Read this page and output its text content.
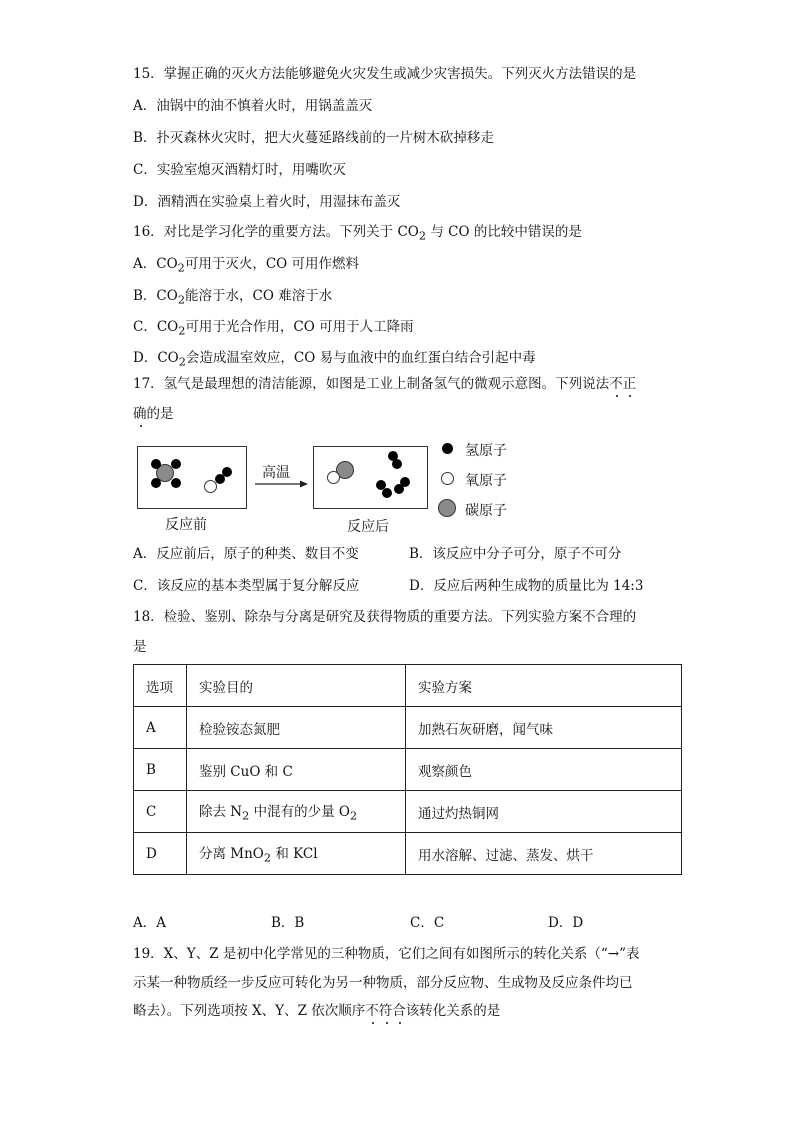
15．掌握正确的灭火方法能够避免火灾发生或减少灾害损失。下列灭火方法错误的是
A．油锅中的油不慎着火时，用锅盖盖灭
B．扑灭森林火灾时，把大火蔓延路线前的一片树木砍掉移走
C．实验室熄灭酒精灯时，用嘴吹灭
D．酒精洒在实验桌上着火时，用湿抹布盖灭
16．对比是学习化学的重要方法。下列关于 $CO_2$ 与 CO 的比较中错误的是
A．$CO_2$可用于灭火，CO 可用作燃料
B．$CO_2$能溶于水，CO 难溶于水
C．$CO_2$可用于光合作用，CO 可用于人工降雨
D．$CO_2$会造成温室效应，CO 易与血液中的血红蛋白结合引起中毒
17．氢气是最理想的清洁能源，如图是工业上制备氢气的微观示意图。下列说法不正
确的是
高温
反应前	反应后
氢原子
氧原子
碳原子
A．反应前后，原子的种类、数目不变	B．该反应中分子可分，原子不可分
C．该反应的基本类型属于复分解反应	D．反应后两种生成物的质量比为 14:3
18．检验、鉴别、除杂与分离是研究及获得物质的重要方法。下列实验方案不合理的
是
选项	实验目的	实验方案
A	检验铵态氮肥	加熟石灰研磨，闻气味
B	鉴别 CuO 和 C	观察颜色
C	除去 $N_2$ 中混有的少量 $O_2$	通过灼热铜网
D	分离 MnO$_2$ 和 KCl	用水溶解、过滤、蒸发、烘干
A．A	B．B	C．C	D．D
19．X、Y、Z 是初中化学常见的三种物质，它们之间有如图所示的转化关系（“→”表
示某一种物质经一步反应可转化为另一种物质，部分反应物、生成物及反应条件均已
略去）。下列选项按 X、Y、Z 依次顺序不符合该转化关系的是
